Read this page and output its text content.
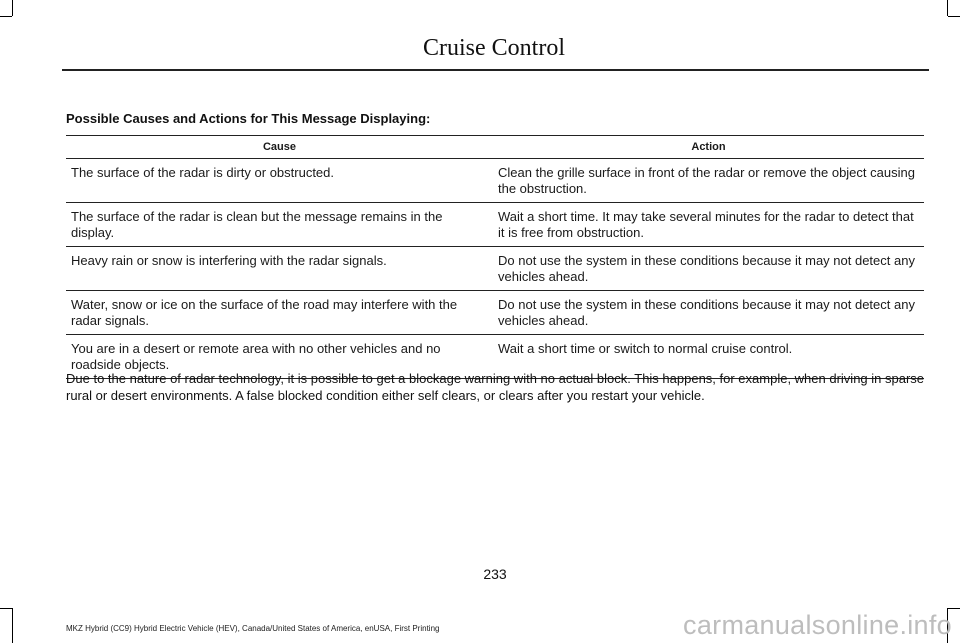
Cruise Control
Possible Causes and Actions for This Message Displaying:
Cause	Action
The surface of the radar is dirty or obstructed.	Clean the grille surface in front of the radar or remove the object causing the obstruction.
The surface of the radar is clean but the message remains in the display.	Wait a short time. It may take several minutes for the radar to detect that it is free from obstruction.
Heavy rain or snow is interfering with the radar signals.	Do not use the system in these conditions because it may not detect any vehicles ahead.
Water, snow or ice on the surface of the road may interfere with the radar signals.	Do not use the system in these conditions because it may not detect any vehicles ahead.
You are in a desert or remote area with no other vehicles and no roadside objects.	Wait a short time or switch to normal cruise control.
Due to the nature of radar technology, it is possible to get a blockage warning with no actual block. This happens, for example, when driving in sparse rural or desert environments. A false blocked condition either self clears, or clears after you restart your vehicle.
233
MKZ Hybrid (CC9) Hybrid Electric Vehicle (HEV), Canada/United States of America, enUSA, First Printing	carmanualsonline.info
